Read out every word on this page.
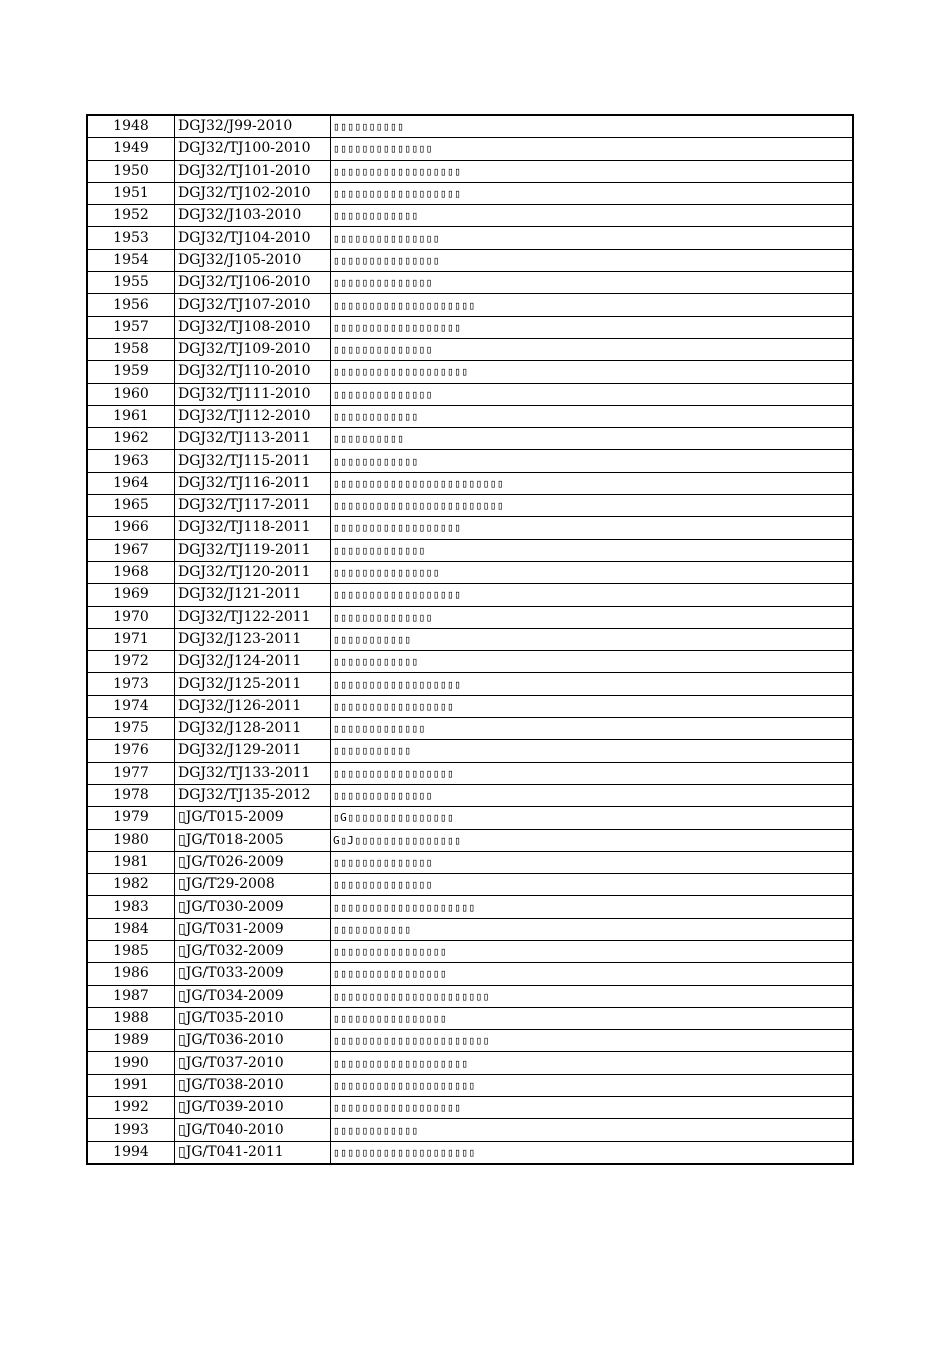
1948	DGJ32/J99-2010	▯▯▯▯▯▯▯▯▯▯
1949	DGJ32/TJ100-2010	▯▯▯▯▯▯▯▯▯▯▯▯▯▯
1950	DGJ32/TJ101-2010	▯▯▯▯▯▯▯▯▯▯▯▯▯▯▯▯▯▯
1951	DGJ32/TJ102-2010	▯▯▯▯▯▯▯▯▯▯▯▯▯▯▯▯▯▯
1952	DGJ32/J103-2010	▯▯▯▯▯▯▯▯▯▯▯▯
1953	DGJ32/TJ104-2010	▯▯▯▯▯▯▯▯▯▯▯▯▯▯▯
1954	DGJ32/J105-2010	▯▯▯▯▯▯▯▯▯▯▯▯▯▯▯
1955	DGJ32/TJ106-2010	▯▯▯▯▯▯▯▯▯▯▯▯▯▯
1956	DGJ32/TJ107-2010	▯▯▯▯▯▯▯▯▯▯▯▯▯▯▯▯▯▯▯▯
1957	DGJ32/TJ108-2010	▯▯▯▯▯▯▯▯▯▯▯▯▯▯▯▯▯▯
1958	DGJ32/TJ109-2010	▯▯▯▯▯▯▯▯▯▯▯▯▯▯
1959	DGJ32/TJ110-2010	▯▯▯▯▯▯▯▯▯▯▯▯▯▯▯▯▯▯▯
1960	DGJ32/TJ111-2010	▯▯▯▯▯▯▯▯▯▯▯▯▯▯
1961	DGJ32/TJ112-2010	▯▯▯▯▯▯▯▯▯▯▯▯
1962	DGJ32/TJ113-2011	▯▯▯▯▯▯▯▯▯▯
1963	DGJ32/TJ115-2011	▯▯▯▯▯▯▯▯▯▯▯▯
1964	DGJ32/TJ116-2011	▯▯▯▯▯▯▯▯▯▯▯▯▯▯▯▯▯▯▯▯▯▯▯▯
1965	DGJ32/TJ117-2011	▯▯▯▯▯▯▯▯▯▯▯▯▯▯▯▯▯▯▯▯▯▯▯▯
1966	DGJ32/TJ118-2011	▯▯▯▯▯▯▯▯▯▯▯▯▯▯▯▯▯▯
1967	DGJ32/TJ119-2011	▯▯▯▯▯▯▯▯▯▯▯▯▯
1968	DGJ32/TJ120-2011	▯▯▯▯▯▯▯▯▯▯▯▯▯▯▯
1969	DGJ32/J121-2011	▯▯▯▯▯▯▯▯▯▯▯▯▯▯▯▯▯▯
1970	DGJ32/TJ122-2011	▯▯▯▯▯▯▯▯▯▯▯▯▯▯
1971	DGJ32/J123-2011	▯▯▯▯▯▯▯▯▯▯▯
1972	DGJ32/J124-2011	▯▯▯▯▯▯▯▯▯▯▯▯
1973	DGJ32/J125-2011	▯▯▯▯▯▯▯▯▯▯▯▯▯▯▯▯▯▯
1974	DGJ32/J126-2011	▯▯▯▯▯▯▯▯▯▯▯▯▯▯▯▯▯
1975	DGJ32/J128-2011	▯▯▯▯▯▯▯▯▯▯▯▯▯
1976	DGJ32/J129-2011	▯▯▯▯▯▯▯▯▯▯▯
1977	DGJ32/TJ133-2011	▯▯▯▯▯▯▯▯▯▯▯▯▯▯▯▯▯
1978	DGJ32/TJ135-2012	▯▯▯▯▯▯▯▯▯▯▯▯▯▯
1979	▯JG/T015-2009	▯G▯▯▯▯▯▯▯▯▯▯▯▯▯▯▯
1980	▯JG/T018-2005	G▯J▯▯▯▯▯▯▯▯▯▯▯▯▯▯▯
1981	▯JG/T026-2009	▯▯▯▯▯▯▯▯▯▯▯▯▯▯
1982	▯JG/T29-2008	▯▯▯▯▯▯▯▯▯▯▯▯▯▯
1983	▯JG/T030-2009	▯▯▯▯▯▯▯▯▯▯▯▯▯▯▯▯▯▯▯▯
1984	▯JG/T031-2009	▯▯▯▯▯▯▯▯▯▯▯
1985	▯JG/T032-2009	▯▯▯▯▯▯▯▯▯▯▯▯▯▯▯▯
1986	▯JG/T033-2009	▯▯▯▯▯▯▯▯▯▯▯▯▯▯▯▯
1987	▯JG/T034-2009	▯▯▯▯▯▯▯▯▯▯▯▯▯▯▯▯▯▯▯▯▯▯
1988	▯JG/T035-2010	▯▯▯▯▯▯▯▯▯▯▯▯▯▯▯▯
1989	▯JG/T036-2010	▯▯▯▯▯▯▯▯▯▯▯▯▯▯▯▯▯▯▯▯▯▯
1990	▯JG/T037-2010	▯▯▯▯▯▯▯▯▯▯▯▯▯▯▯▯▯▯▯
1991	▯JG/T038-2010	▯▯▯▯▯▯▯▯▯▯▯▯▯▯▯▯▯▯▯▯
1992	▯JG/T039-2010	▯▯▯▯▯▯▯▯▯▯▯▯▯▯▯▯▯▯
1993	▯JG/T040-2010	▯▯▯▯▯▯▯▯▯▯▯▯
1994	▯JG/T041-2011	▯▯▯▯▯▯▯▯▯▯▯▯▯▯▯▯▯▯▯▯
